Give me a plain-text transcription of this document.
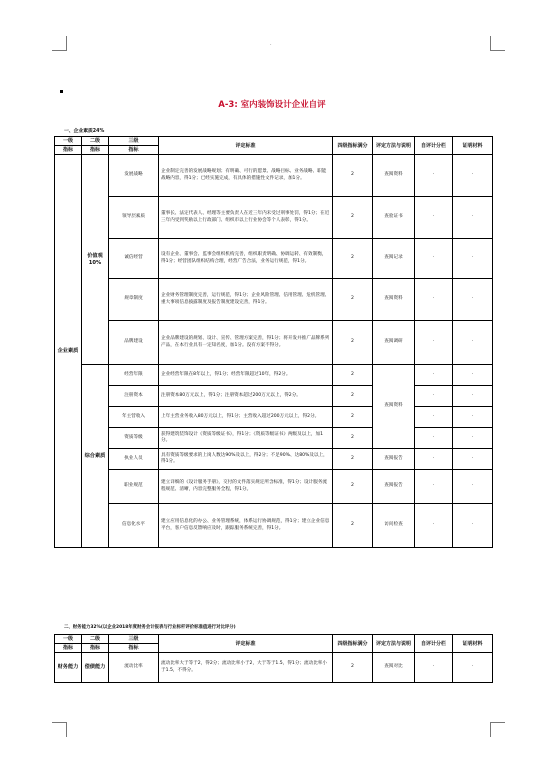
·
A-3: 室内装饰设计企业自评
一、企业素质24%
一级	二级	三级	评定标准	四级指标满分	评定方法与说明	自评计分栏	证明材料
指标	指标	指标					
企业素质	价值观10%	发展战略	企业制定完善的发展战略规划；有明确、可行的愿景、战略目标、业务战略、职能战略内容，得1分；已经实施完成，有具体的措施性文件记录，加1分。	2	查阅资料	·	·
		领导层素质	董事长、法定代表人、经理等主要负责人在近三年内未受过刑事处罚，得1分；在近三年内受到奖励以上行政部门、组织市以上行业协会等个人表彰，得1分。	2	查验证书	·	·
		诚信经营	设有企业、董事会、监事会组织机构完善，组织职责明确、协调运转、有效制衡，得1分；经营团队组织结构合理，经营广告合法，业务运行规范，得1分。	2	查阅记录	·	·
		规章制度	企业财务管理制度完善，运行规范，得1分；企业风险管理、信用管理、危机管理、重大事项信息披露制度及报告制度建设完善，得1分。	2	查阅资料	·	·
		品牌建设	企业品牌建设的规划、设计、宣传、管理方案完善，得1分；将开发并推广品牌系列产品，在本行业具有一定知名度，加1分。没有方案不得分。	2	查阅调研	·	·
	综合素质	经营年限	企业经营年限在8年以上，得1分；经营年限超过10年，得2分。	2	查阅资料	·	·
		注册资本	注册资本80万元以上，得1分；注册资本超过200万元以上，得2分。	2		·	·
		年主营收入	上年主营业务收入80万元以上，得1分；主营收入超过200万元以上，得2分。	2		·	·
		资质等级	获得建筑装饰设计《资质等级证书》，得1分；《资质等级证书》两级及以上，加1分。	2		·	·
		执业人员	具有资质等级要求的上岗人数达90%及以上，得2分；不足90%、达80%及以上，得1分。	2	查阅报告	·	·
		职业规范	建立详细的《设计服务手册》，交付的文件落实规定所含标准，得1分；设计服务流程规范、清晰，内容完整服务全程，得1分。	2	查阅报告	·	·
		信息化水平	建立应用信息化的办公、业务管理系统，体系运行协调规范，得1分；建立企业信息平台，客户信息反馈响应及时，跟踪服务系统完善，得1分。	2	访问检查	·	·
二、财务能力32%(以企业2018年度财务会计报表与行业标杆评价标准值进行对比评分)
一级	二级	三级	评定标准	四级指标满分	评定方法与说明	自评计分栏	证明材料
指标	指标	指标					
财务能力	偿债能力	流动比率	流动比率大于等于2，得2分；流动比率小于2，大于等于1.5，得1分；流动比率小于1.5，不得分。	2	查阅对比	·	·
